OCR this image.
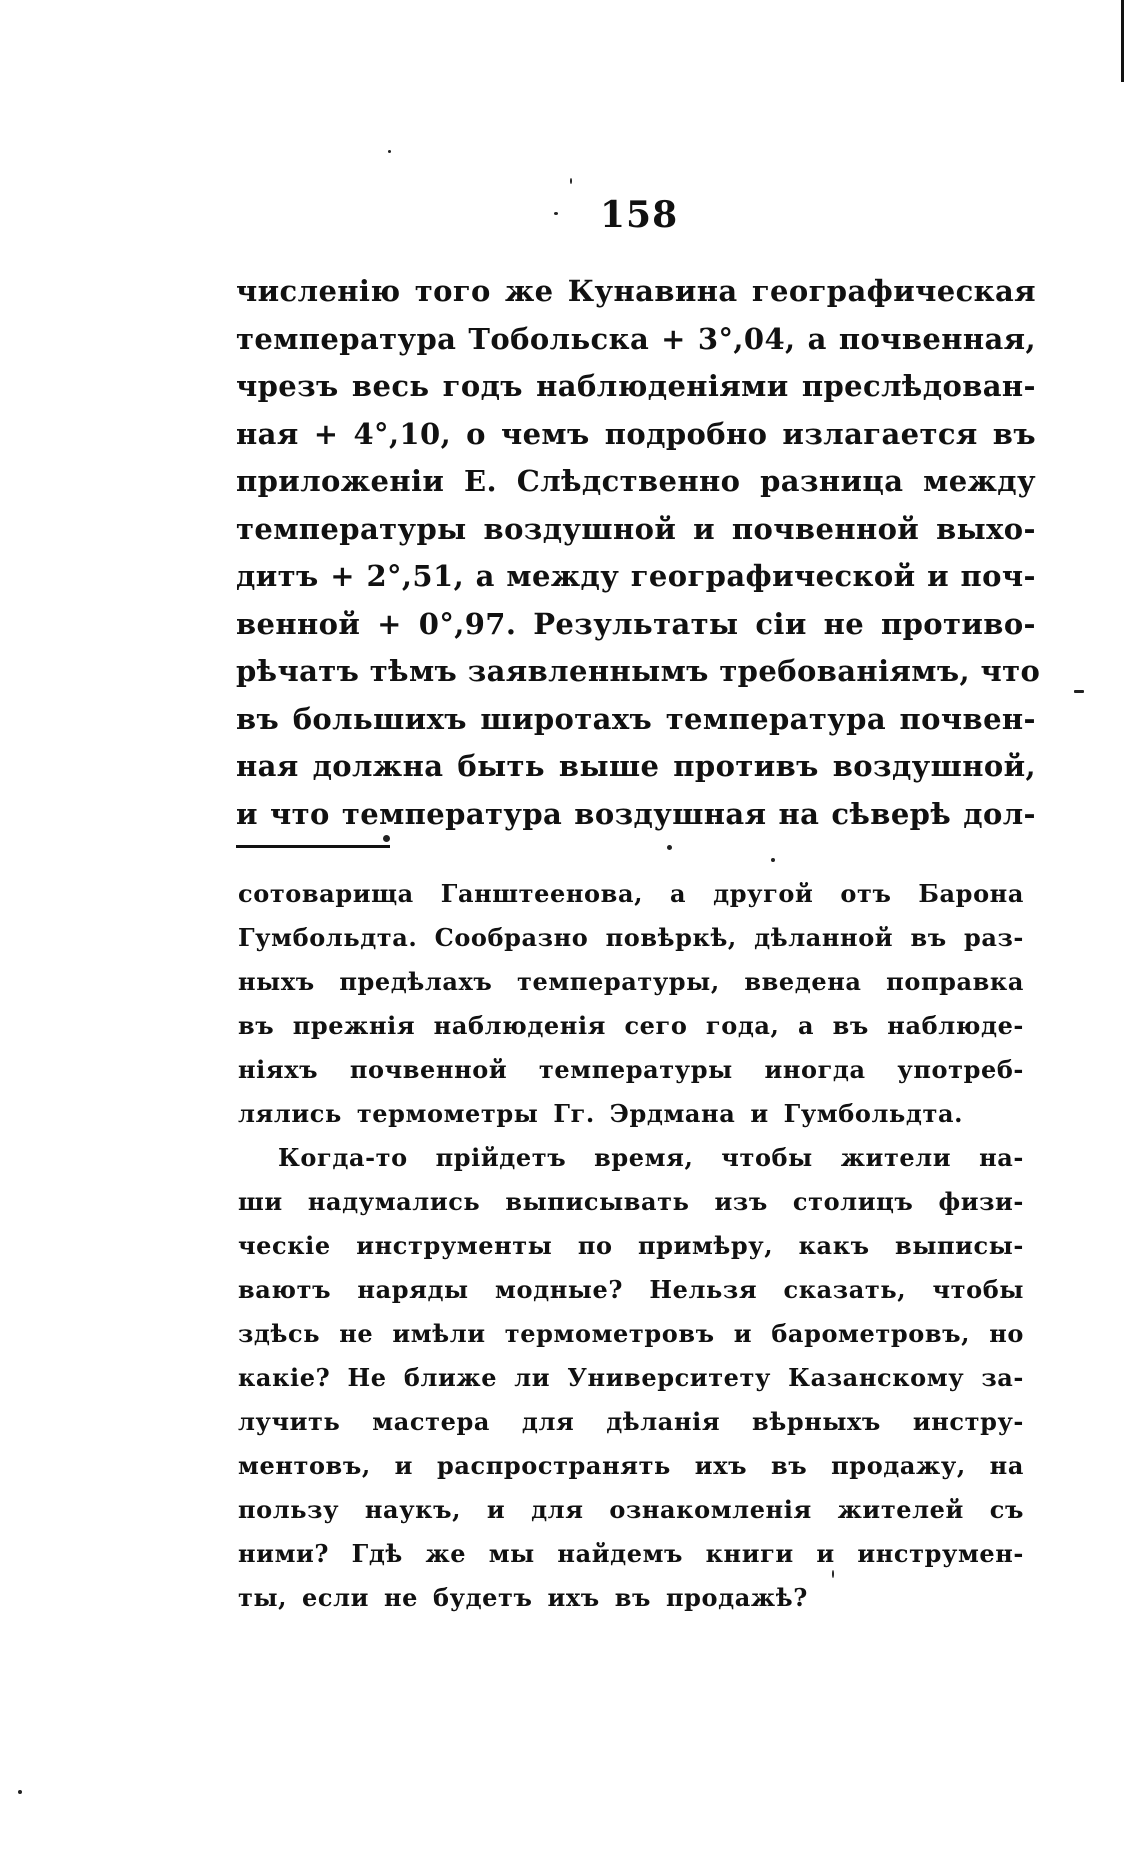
158
численію того же Кунавина географическая
температура Тобольска + 3°,04, а почвенная,
чрезъ весь годъ наблюденіями преслѣдован-
ная + 4°,10, о чемъ подробно излагается въ
приложеніи Е. Слѣдственно разница между
температуры воздушной и почвенной выхо-
дитъ + 2°,51, а между географической и поч-
венной + 0°,97. Результаты сіи не противо-
рѣчатъ тѣмъ заявленнымъ требованіямъ, что
въ большихъ широтахъ температура почвен-
ная должна быть выше противъ воздушной,
и что температура воздушная на сѣверѣ дол-
сотоварища Ганштеенова, а другой отъ Барона
Гумбольдта. Сообразно повѣркѣ, дѣланной въ раз-
ныхъ предѣлахъ температуры, введена поправка
въ прежнія наблюденія сего года, а въ наблюде-
ніяхъ почвенной температуры иногда употреб-
лялись термометры Гг. Эрдмана и Гумбольдта.
Когда-то прійдетъ время, чтобы жители на-
ши надумались выписывать изъ столицъ физи-
ческіе инструменты по примѣру, какъ выписы-
ваютъ наряды модные? Нельзя сказать, чтобы
здѣсь не имѣли термометровъ и барометровъ, но
какіе? Не ближе ли Университету Казанскому за-
лучить мастера для дѣланія вѣрныхъ инстру-
ментовъ, и распространять ихъ въ продажу, на
пользу наукъ, и для ознакомленія жителей съ
ними? Гдѣ же мы найдемъ книги и инструмен-
ты, если не будетъ ихъ въ продажѣ?
